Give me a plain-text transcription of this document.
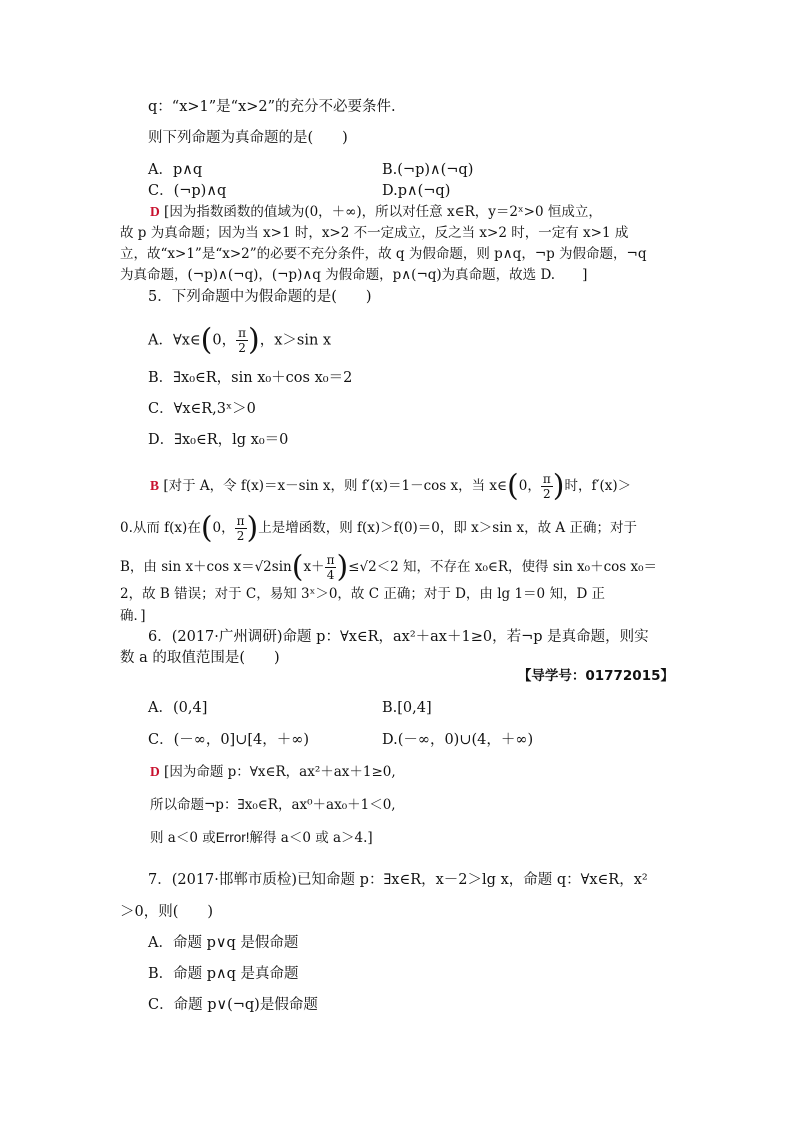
q：“x>1”是“x>2”的充分不必要条件.
则下列命题为真命题的是(　　)
A．p∧q	B.(¬p)∧(¬q)
C．(¬p)∧q	D.p∧(¬q)
D [因为指数函数的值域为(0，＋∞)，所以对任意 x∈R，y＝2ˣ>0 恒成立，
故 p 为真命题；因为当 x>1 时，x>2 不一定成立，反之当 x>2 时，一定有 x>1 成
立，故“x>1”是“x>2”的必要不充分条件，故 q 为假命题，则 p∧q，¬p 为假命题，¬q
为真命题，(¬p)∧(¬q)，(¬p)∧q 为假命题，p∧(¬q)为真命题，故选 D.　　]
5．下列命题中为假命题的是(　　)
A．∀x∈(0， $\frac{\pi}{2}$ )，x＞sin x
B．∃x₀∈R，sin x₀＋cos x₀＝2
C．∀x∈R,3ˣ＞0
D．∃x₀∈R，lg x₀＝0
B [对于 A，令 f(x)＝x－sin x，则 f′(x)＝1－cos x，当 x∈(0， $\frac{\pi}{2}$ )时，f′(x)＞
0.从而 f(x)在(0， $\frac{\pi}{2}$ )上是增函数，则 f(x)＞f(0)＝0，即 x＞sin x，故 A 正确；对于
B，由 sin x＋cos $x=√2\sin(x+ \frac{\pi}{4} )\le√2<2$ 知，不存在 x₀∈R，使得 sin x₀＋cos x₀＝
2，故 B 错误；对于 C，易知 3ˣ＞0，故 C 正确；对于 D，由 lg 1＝0 知，D 正
确．]
6．(2017·广州调研)命题 p：∀x∈R，ax²＋ax＋1≥0，若¬p 是真命题，则实
数 a 的取值范围是(　　)
【导学号：01772015】
A．(0,4]	B.[0,4]
C．(－∞，0]∪[4，＋∞)	D.(－∞，0)∪(4，＋∞)
D [因为命题 p：∀x∈R，ax²＋ax＋1≥0,
所以命题¬p：∃x₀∈R，ax⁰＋ax₀＋1＜0,
则 a＜0 或Error!解得 a＜0 或 a＞4.]
7．(2017·邯郸市质检)已知命题 p：∃x∈R，x－2＞lg x，命题 q：∀x∈R，x²
＞0，则(　　)
A．命题 p∨q 是假命题
B．命题 p∧q 是真命题
C．命题 p∨(¬q)是假命题
